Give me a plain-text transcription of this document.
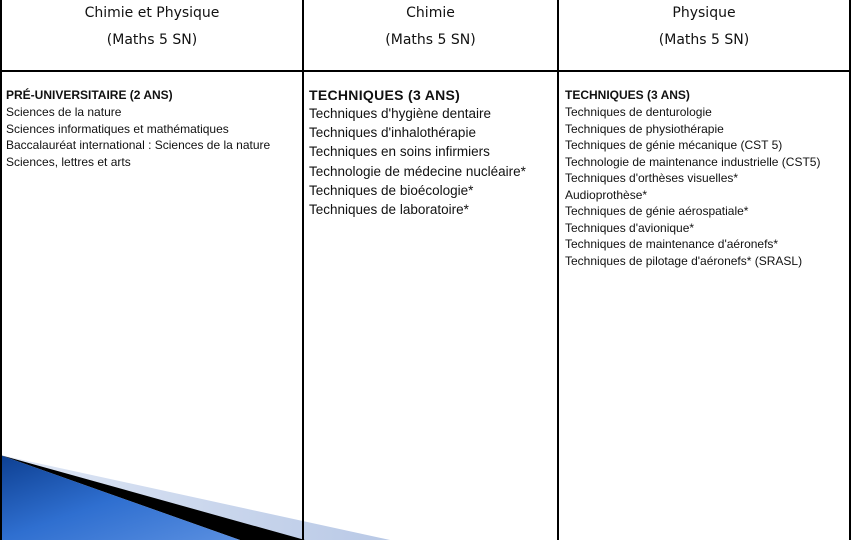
Chimie et Physique
(Maths 5 SN)
Chimie
(Maths 5 SN)
Physique
(Maths 5 SN)
PRÉ-UNIVERSITAIRE (2 ANS)
Sciences de la nature
Sciences informatiques et mathématiques
Baccalauréat international : Sciences de la nature
Sciences, lettres et arts
TECHNIQUES (3 ANS)
Techniques d'hygiène dentaire
Techniques d'inhalothérapie
Techniques en soins infirmiers
Technologie de médecine nucléaire*
Techniques de bioécologie*
Techniques de laboratoire*
TECHNIQUES (3 ANS)
Techniques de denturologie
Techniques de physiothérapie
Techniques de génie mécanique (CST 5)
Technologie de maintenance industrielle (CST5)
Techniques d'orthèses visuelles*
Audioprothèse*
Techniques de génie aérospatiale*
Techniques d'avionique*
Techniques de maintenance d'aéronefs*
Techniques de pilotage d'aéronefs* (SRASL)
